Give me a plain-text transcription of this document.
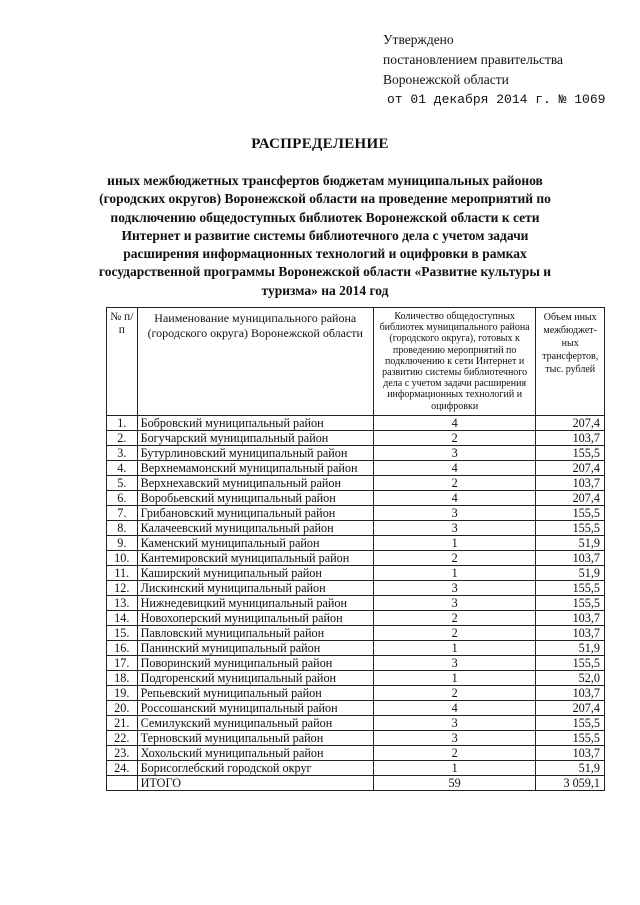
Утверждено
постановлением правительства
Воронежской области
от 01 декабря 2014 г. № 1069
РАСПРЕДЕЛЕНИЕ
иных межбюджетных трансфертов бюджетам муниципальных районов (городских округов) Воронежской области на проведение мероприятий по подключению общедоступных библиотек Воронежской области к сети Интернет и развитие системы библиотечного дела с учетом задачи расширения информационных технологий и оцифровки в рамках государственной программы Воронежской области «Развитие культуры и туризма» на 2014 год
№ п/п	Наименование муниципального района (городского округа) Воронежской области	Количество общедоступных библиотек муниципального района (городского округа), готовых к проведению мероприятий по подключению к сети Интернет и развитию системы библиотечного дела с учетом задачи расширения информационных технологий и оцифровки	Объем иных межбюджет- ных трансфертов, тыс. рублей
1.	Бобровский муниципальный район	4	207,4
2.	Богучарский муниципальный район	2	103,7
3.	Бутурлиновский муниципальный район	3	155,5
4.	Верхнемамонский муниципальный район	4	207,4
5.	Верхнехавский муниципальный район	2	103,7
6.	Воробьевский муниципальный район	4	207,4
7.	Грибановский муниципальный район	3	155,5
8.	Калачеевский муниципальный район	3	155,5
9.	Каменский муниципальный район	1	51,9
10.	Кантемировский муниципальный район	2	103,7
11.	Каширский муниципальный район	1	51,9
12.	Лискинский муниципальный район	3	155,5
13.	Нижнедевицкий муниципальный район	3	155,5
14.	Новохоперский муниципальный район	2	103,7
15.	Павловский муниципальный район	2	103,7
16.	Панинский муниципальный район	1	51,9
17.	Поворинский муниципальный район	3	155,5
18.	Подгоренский муниципальный район	1	52,0
19.	Репьевский муниципальный район	2	103,7
20.	Россошанский муниципальный район	4	207,4
21.	Семилукский муниципальный район	3	155,5
22.	Терновский муниципальный район	3	155,5
23.	Хохольский муниципальный район	2	103,7
24.	Борисоглебский городской округ	1	51,9
	ИТОГО	59	3 059,1
